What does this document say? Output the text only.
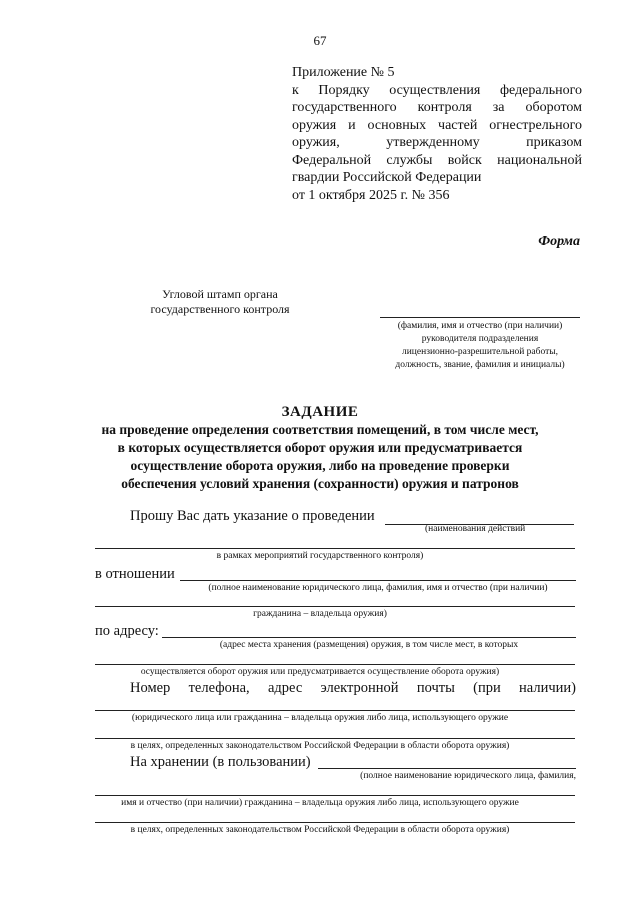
67
Приложение № 5
к Порядку осуществления федерального
государственного контроля за оборотом
оружия и основных частей огнестрельного
оружия, утвержденному приказом
Федеральной службы войск национальной
гвардии Российской Федерации
от 1 октября 2025 г. № 356
Форма
Угловой штамп органа
государственного контроля
(фамилия, имя и отчество (при наличии)
руководителя подразделения
лицензионно-разрешительной работы,
должность, звание, фамилия и инициалы)
ЗАДАНИЕ
на проведение определения соответствия помещений, в том числе мест,
в которых осуществляется оборот оружия или предусматривается
осуществление оборота оружия, либо на проведение проверки
обеспечения условий хранения (сохранности) оружия и патронов
Прошу Вас дать указание о проведении
(наименования действий
в рамках мероприятий государственного контроля)
в отношении
(полное наименование юридического лица, фамилия, имя и отчество (при наличии)
гражданина – владельца оружия)
по адресу:
(адрес места хранения (размещения) оружия, в том числе мест, в которых
осуществляется оборот оружия или предусматривается осуществление оборота оружия)
Номер телефона, адрес электронной почты (при наличии)
(юридического лица или гражданина – владельца оружия либо лица, использующего оружие
в целях, определенных законодательством Российской Федерации в области оборота оружия)
На хранении (в пользовании)
(полное наименование юридического лица, фамилия,
имя и отчество (при наличии) гражданина – владельца оружия либо лица, использующего оружие
в целях, определенных законодательством Российской Федерации в области оборота оружия)
